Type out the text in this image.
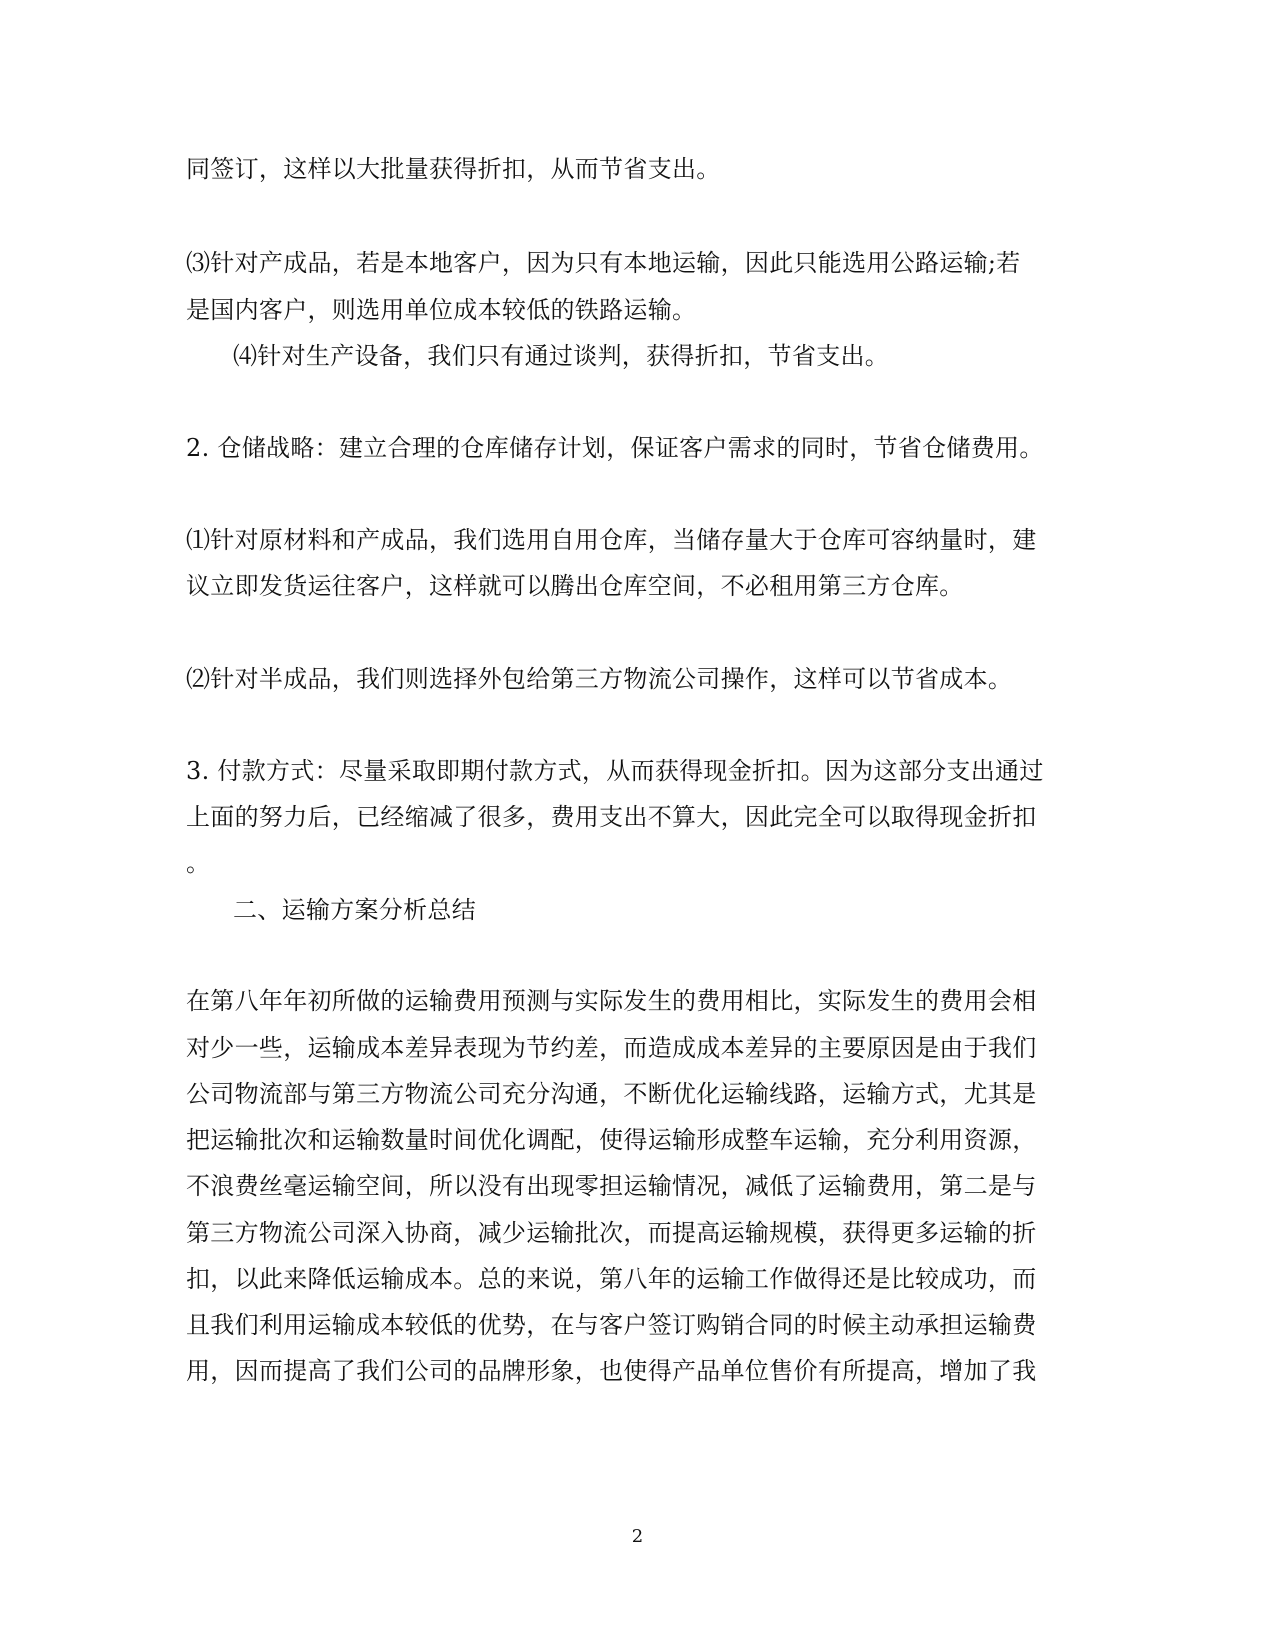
同签订，这样以大批量获得折扣，从而节省支出。
⑶针对产成品，若是本地客户，因为只有本地运输，因此只能选用公路运输;若
是国内客户，则选用单位成本较低的铁路运输。
⑷针对生产设备，我们只有通过谈判，获得折扣，节省支出。
2. 仓储战略：建立合理的仓库储存计划，保证客户需求的同时，节省仓储费用。
⑴针对原材料和产成品，我们选用自用仓库，当储存量大于仓库可容纳量时，建
议立即发货运往客户，这样就可以腾出仓库空间，不必租用第三方仓库。
⑵针对半成品，我们则选择外包给第三方物流公司操作，这样可以节省成本。
3. 付款方式：尽量采取即期付款方式，从而获得现金折扣。因为这部分支出通过
上面的努力后，已经缩减了很多，费用支出不算大，因此完全可以取得现金折扣
。
二、运输方案分析总结
在第八年年初所做的运输费用预测与实际发生的费用相比，实际发生的费用会相
对少一些，运输成本差异表现为节约差，而造成成本差异的主要原因是由于我们
公司物流部与第三方物流公司充分沟通，不断优化运输线路，运输方式，尤其是
把运输批次和运输数量时间优化调配，使得运输形成整车运输，充分利用资源，
不浪费丝毫运输空间，所以没有出现零担运输情况，减低了运输费用，第二是与
第三方物流公司深入协商，减少运输批次，而提高运输规模，获得更多运输的折
扣，以此来降低运输成本。总的来说，第八年的运输工作做得还是比较成功，而
且我们利用运输成本较低的优势，在与客户签订购销合同的时候主动承担运输费
用，因而提高了我们公司的品牌形象，也使得产品单位售价有所提高，增加了我
2
